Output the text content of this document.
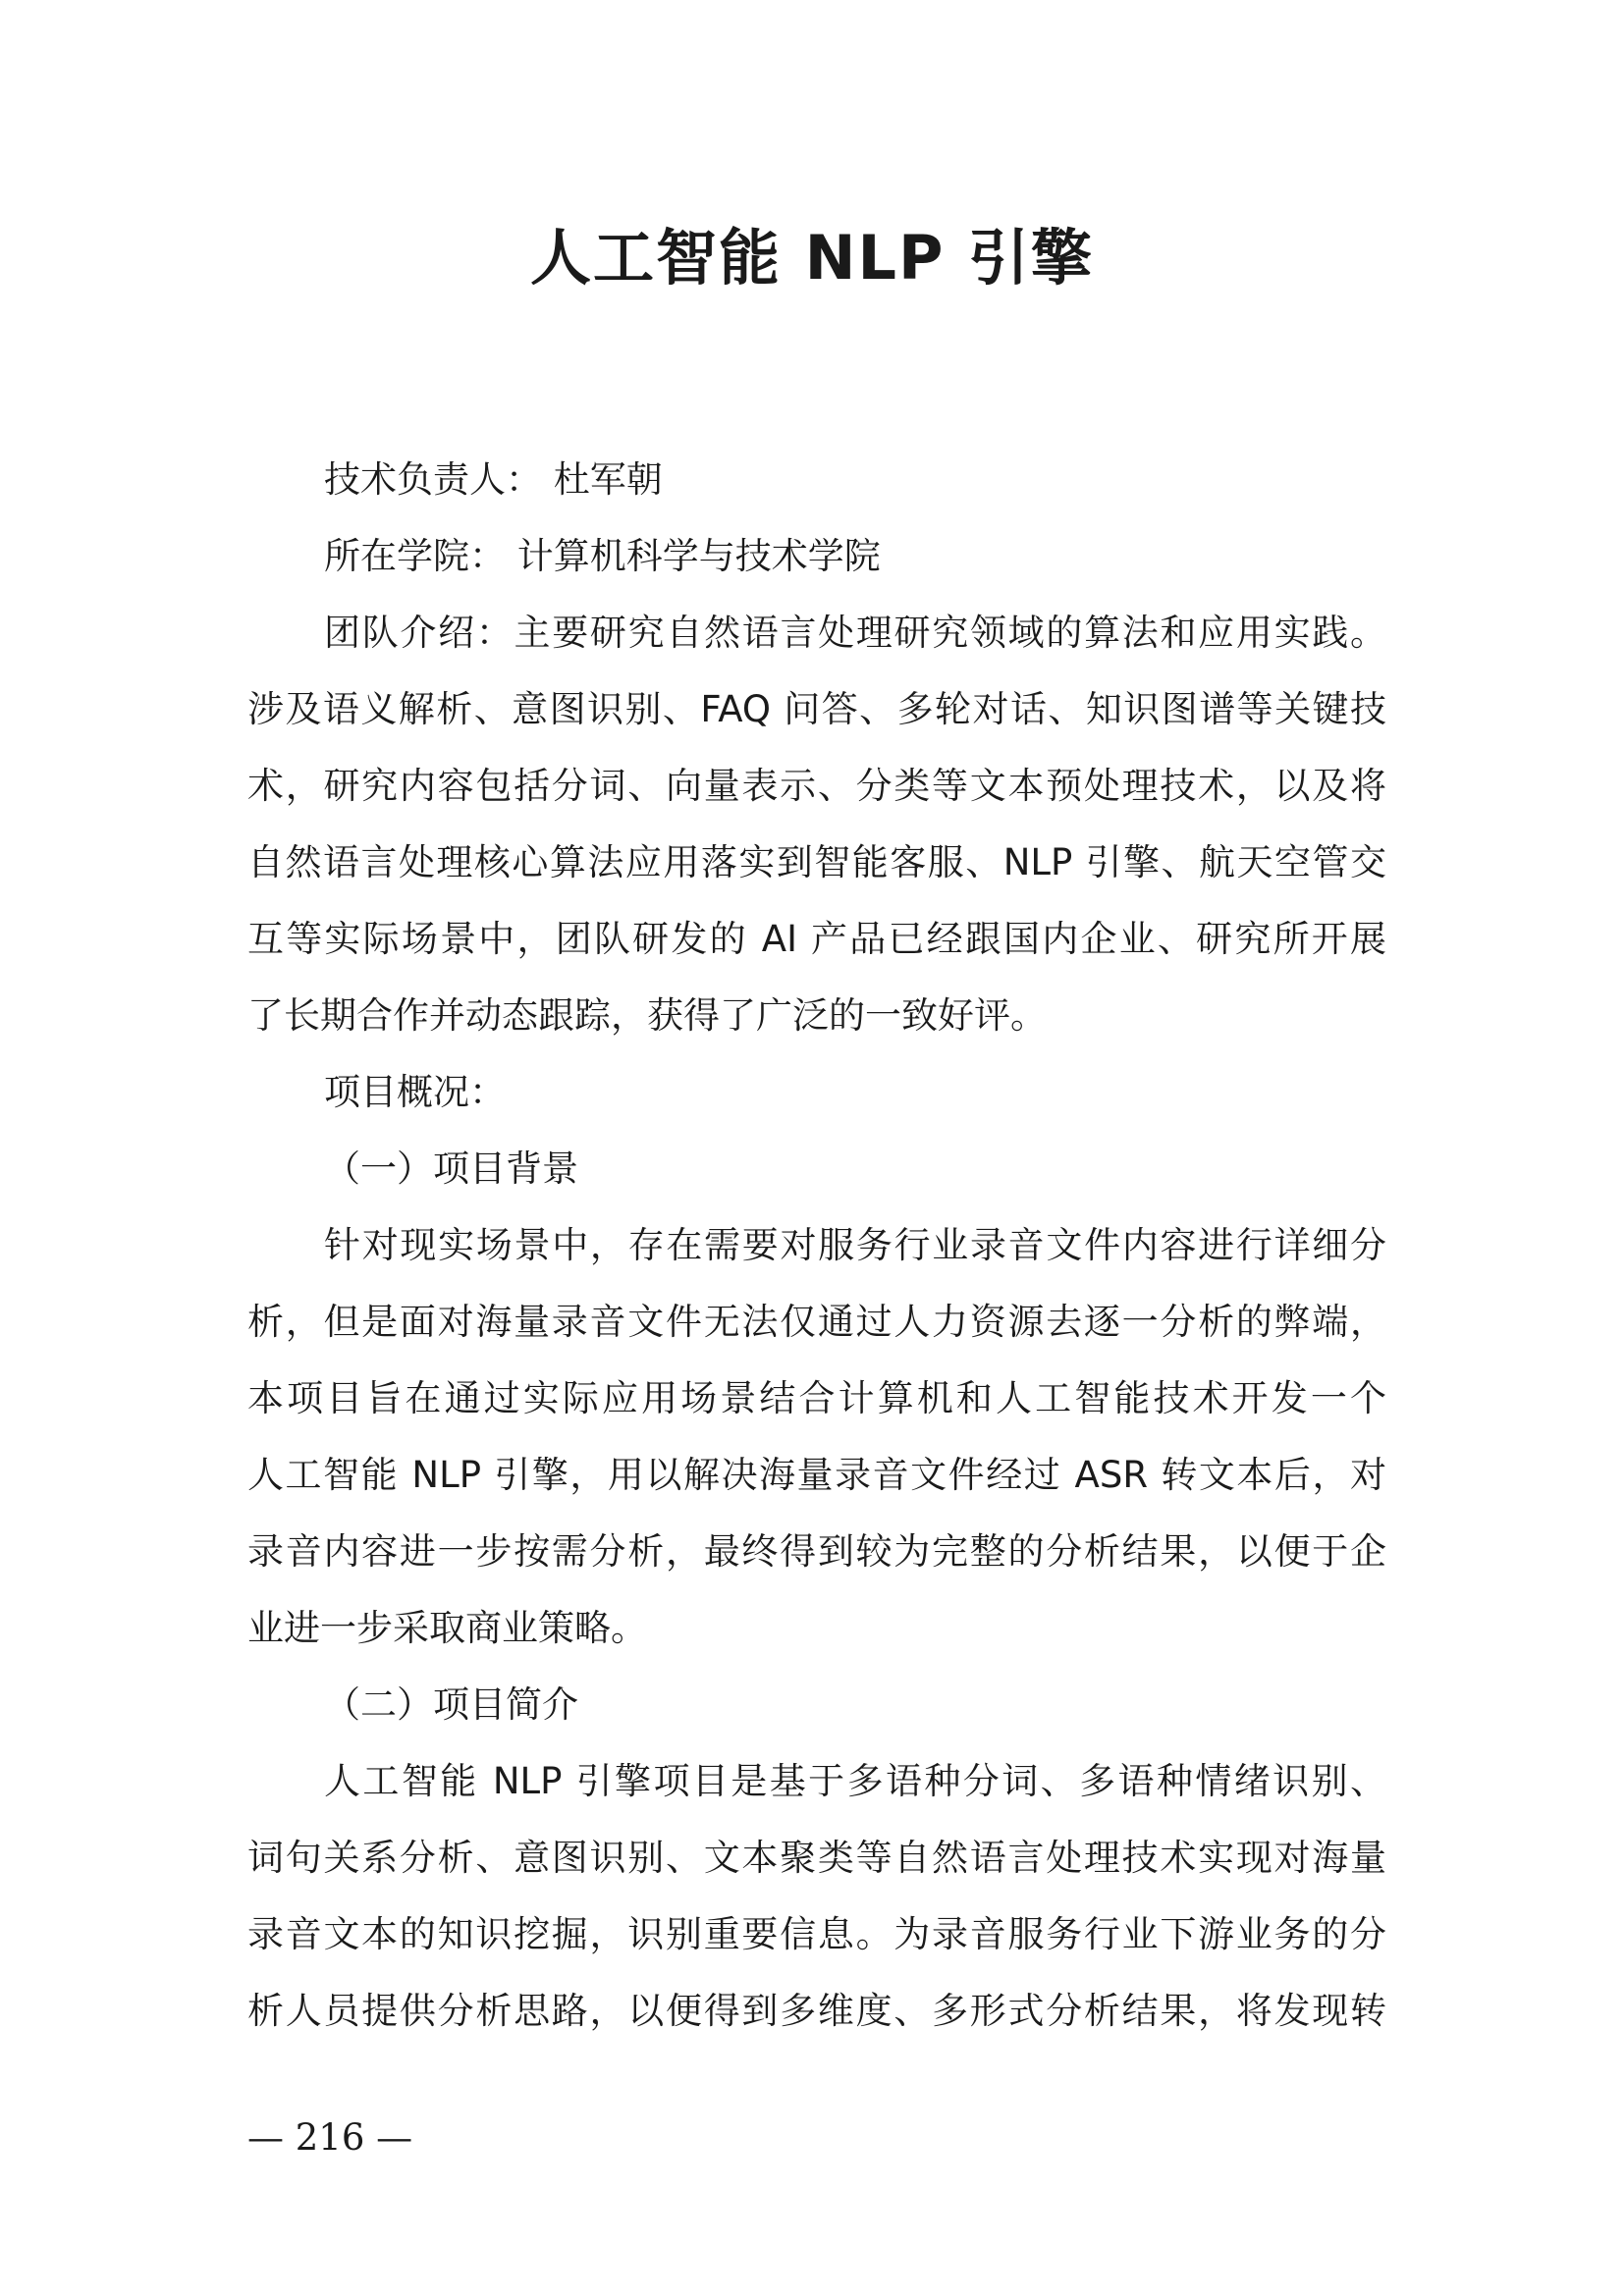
人工智能 NLP 引擎

技术负责人： 杜军朝

所在学院： 计算机科学与技术学院

团队介绍：主要研究自然语言处理研究领域的算法和应用实践。

涉及语义解析、意图识别、FAQ 问答、多轮对话、知识图谱等关键技

术，研究内容包括分词、向量表示、分类等文本预处理技术，以及将

自然语言处理核心算法应用落实到智能客服、NLP 引擎、航天空管交

互等实际场景中，团队研发的 AI 产品已经跟国内企业、研究所开展

了长期合作并动态跟踪，获得了广泛的一致好评。

项目概况：

（一）项目背景

针对现实场景中，存在需要对服务行业录音文件内容进行详细分

析，但是面对海量录音文件无法仅通过人力资源去逐一分析的弊端，

本项目旨在通过实际应用场景结合计算机和人工智能技术开发一个

人工智能 NLP 引擎，用以解决海量录音文件经过 ASR 转文本后，对

录音内容进一步按需分析，最终得到较为完整的分析结果，以便于企

业进一步采取商业策略。

（二）项目简介

人工智能 NLP 引擎项目是基于多语种分词、多语种情绪识别、

词句关系分析、意图识别、文本聚类等自然语言处理技术实现对海量

录音文本的知识挖掘，识别重要信息。为录音服务行业下游业务的分

析人员提供分析思路，以便得到多维度、多形式分析结果，将发现转

— 216 —
